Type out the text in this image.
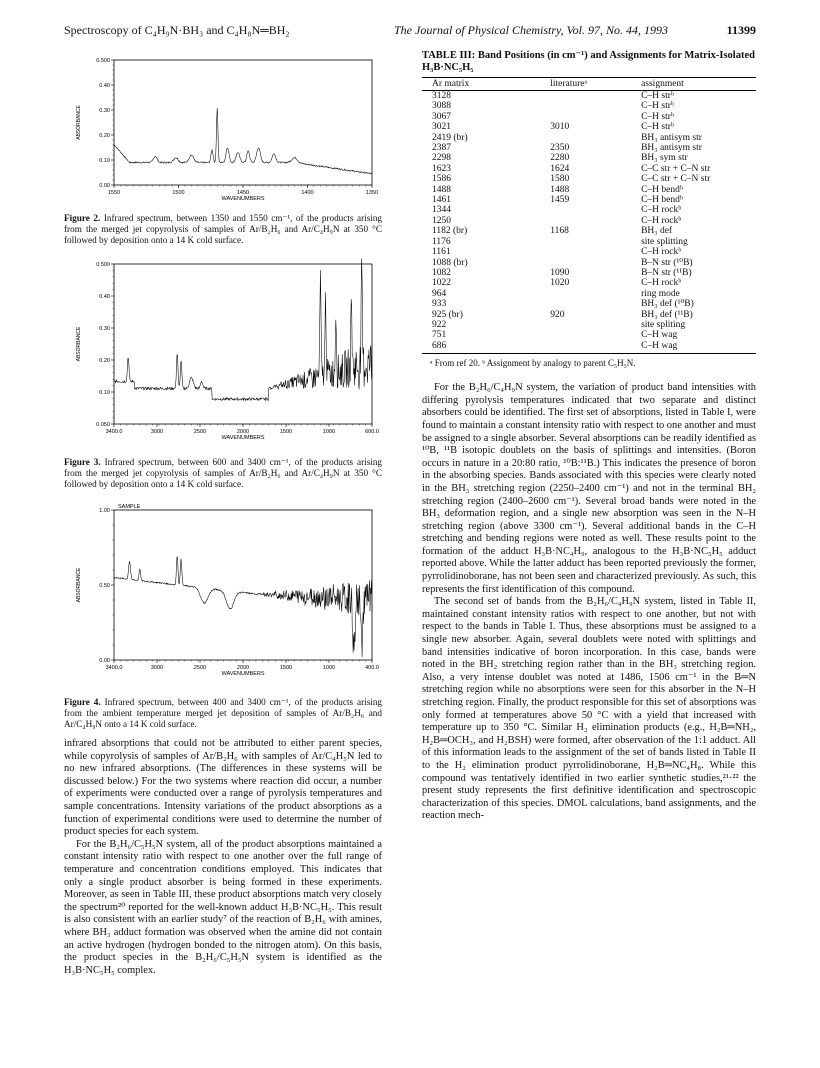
Spectroscopy of C₄H₉N·BH₃ and C₄H₈N═BH₂	The Journal of Physical Chemistry, Vol. 97, No. 44, 1993	11399
ABSORBANCE
0.500
0.40
0.30
0.20
0.10
0.00
1550	1500	1450	1400	1350
WAVENUMBERS
Figure 2. Infrared spectrum, between 1350 and 1550 cm⁻¹, of the products arising from the merged jet copyrolysis of samples of Ar/B₂H₆ and Ar/C₄H₉N at 350 °C followed by deposition onto a 14 K cold surface.
ABSORBANCE
0.500
0.40
0.30
0.20
0.10
0.050
3400.0	3000	2500	2000	1500	1000	600.0
WAVENUMBERS
Figure 3. Infrared spectrum, between 600 and 3400 cm⁻¹, of the products arising from the merged jet copyrolysis of samples of Ar/B₂H₆ and Ar/C₄H₉N at 350 °C followed by deposition onto a 14 K cold surface.
ABSORBANCE
1.00
0.50
0.00
3400.0	3000	2500	2000	1500	1000	400.0
WAVENUMBERS
SAMPLE
Figure 4. Infrared spectrum, between 400 and 3400 cm⁻¹, of the products arising from the ambient temperature merged jet deposition of samples of Ar/B₂H₆ and Ar/C₄H₉N onto a 14 K cold surface.

infrared absorptions that could not be attributed to either parent species, while copyrolysis of samples of Ar/B₂H₆ with samples of Ar/C₄H₅N led to no new infrared absorptions. (The differences in these systems will be discussed below.) For the two systems where reaction did occur, a number of experiments were conducted over a range of pyrolysis temperatures and sample concentrations. Intensity variations of the product absorptions as a function of experimental conditions were used to determine the number of product species for each system.

For the B₂H₆/C₅H₅N system, all of the product absorptions maintained a constant intensity ratio with respect to one another over the full range of temperature and concentration conditions employed. This indicates that only a single product absorber is being formed in these experiments. Moreover, as seen in Table III, these product absorptions match very closely the spectrum²⁰ reported for the well-known adduct H₃B·NC₅H₅. This result is also consistent with an earlier study⁷ of the reaction of B₂H₆ with amines, where BH₃ adduct formation was observed when the amine did not contain an active hydrogen (hydrogen bonded to the nitrogen atom). On this basis, the product species in the B₂H₆/C₅H₅N system is identified as the H₃B·NC₅H₅ complex.

TABLE III: Band Positions (in cm⁻¹) and Assignments for Matrix-Isolated H₃B·NC₅H₅
Ar matrix	literatureᵃ	assignment
3128		C–H strᵇ
3088		C–H strᵇ
3067		C–H strᵇ
3021	3010	C–H strᵇ
2419 (br)		BH₃ antisym str
2387	2350	BH₃ antisym str
2298	2280	BH₃ sym str
1623	1624	C–C str + C–N str
1586	1580	C–C str + C–N str
1488	1488	C–H bendᵇ
1461	1459	C–H bendᵇ
1344		C–H rockᵇ
1250		C–H rockᵇ
1182 (br)	1168	BH₃ def
1176		site splitting
1161		C–H rockᵇ
1088 (br)		B–N str (¹⁰B)
1082	1090	B–N str (¹¹B)
1022	1020	C–H rockᵇ
964		ring mode
933		BH₃ def (¹⁰B)
925 (br)	920	BH₃ def (¹¹B)
922		site spliting
751		C–H wag
686		C–H wag
ᵃ From ref 20. ᵇ Assignment by analogy to parent C₅H₅N.

For the B₂H₆/C₄H₉N system, the variation of product band intensities with differing pyrolysis temperatures indicated that two separate and distinct absorbers could be identified. The first set of absorptions, listed in Table I, were found to maintain a constant intensity ratio with respect to one another and must be assigned to a single absorber. Several absorptions can be readily identified as ¹⁰B, ¹¹B isotopic doublets on the basis of splittings and intensities. (Boron occurs in nature in a 20:80 ratio, ¹⁰B:¹¹B.) This indicates the presence of boron in the absorbing species. Bands associated with this species were clearly noted in the BH₃ stretching region (2250–2400 cm⁻¹) and not in the terminal BH₂ stretching region (2400–2600 cm⁻¹). Several broad bands were noted in the BH₃ deformation region, and a single new absorption was seen in the N–H stretching region (above 3300 cm⁻¹). Several additional bands in the C–H stretching and bending regions were noted as well. These results point to the formation of the adduct H₃B·NC₄H₉, analogous to the H₃B·NC₅H₅ adduct reported above. While the latter adduct has been reported previously the former, pyrrolidinoborane, has not been seen and characterized previously. As such, this represents the first identification of this compound.

The second set of bands from the B₂H₆/C₄H₉N system, listed in Table II, maintained constant intensity ratios with respect to one another, but not with respect to the bands in Table I. Thus, these absorptions must be assigned to a single new absorber. Again, several doublets were noted with splittings and band intensities indicative of boron incorporation. In this case, bands were noted in the BH₂ stretching region rather than in the BH₃ stretching region. Also, a very intense doublet was noted at 1486, 1506 cm⁻¹ in the B═N stretching region while no absorptions were seen for this absorber in the N–H stretching region. Finally, the product responsible for this set of absorptions was only formed at temperatures above 50 °C with a yield that increased with temperature up to 350 °C. Similar H₂ elimination products (e.g., H₂B═NH₂, H₂B═OCH₃, and H₂BSH) were formed, after observation of the 1:1 adduct. All of this information leads to the assignment of the set of bands listed in Table II to the H₂ elimination product pyrrolidinoborane, H₂B═NC₄H₈. While this compound was tentatively identified in two earlier synthetic studies,²¹·²² the present study represents the first definitive identification and spectroscopic characterization of this species. DMOL calculations, band assignments, and the reaction mech-
